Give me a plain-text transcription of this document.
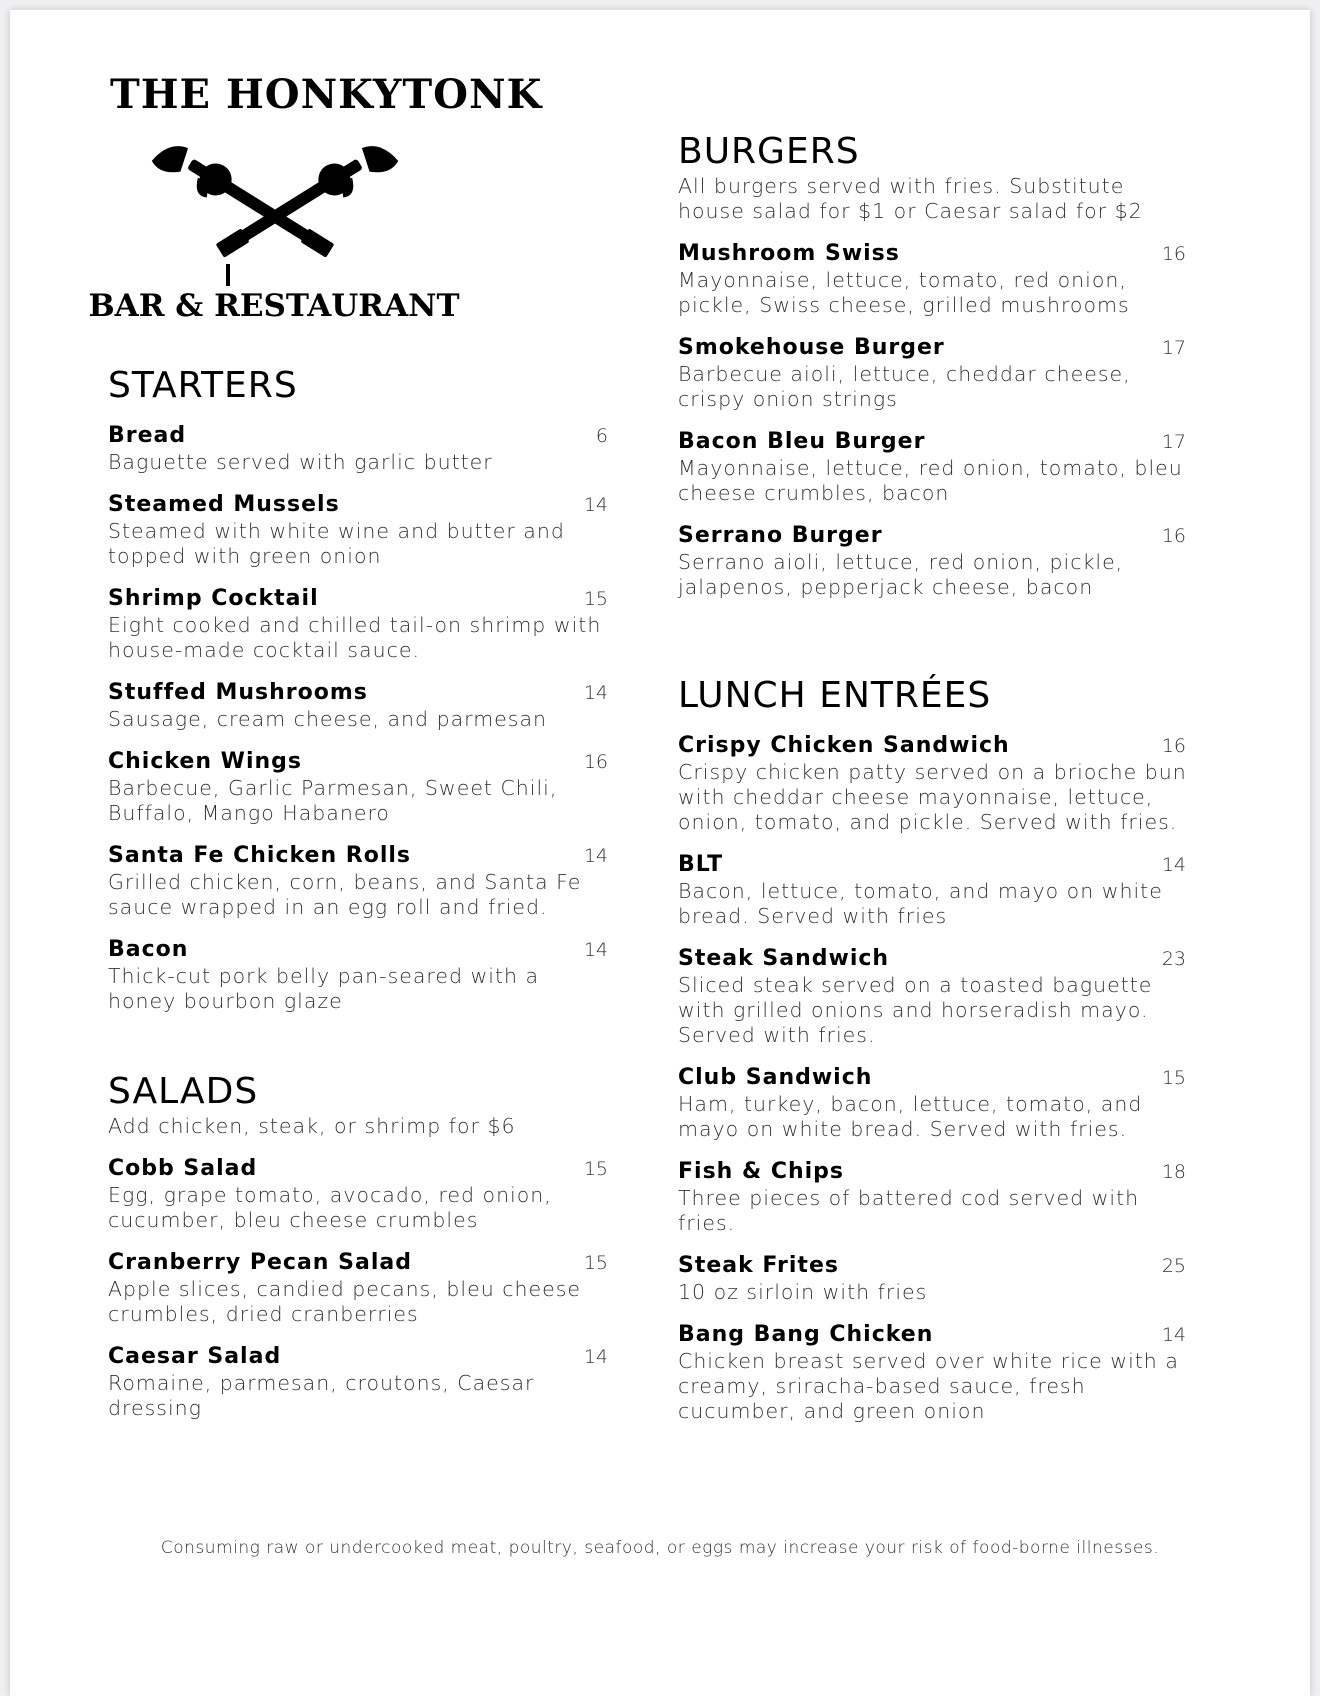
THE HONKYTONK
BAR & RESTAURANT
STARTERS
Bread	6
Baguette served with garlic butter
Steamed Mussels	14
Steamed with white wine and butter and topped with green onion
Shrimp Cocktail	15
Eight cooked and chilled tail-on shrimp with house-made cocktail sauce.
Stuffed Mushrooms	14
Sausage, cream cheese, and parmesan
Chicken Wings	16
Barbecue, Garlic Parmesan, Sweet Chili, Buffalo, Mango Habanero
Santa Fe Chicken Rolls	14
Grilled chicken, corn, beans, and Santa Fe sauce wrapped in an egg roll and fried.
Bacon	14
Thick-cut pork belly pan-seared with a honey bourbon glaze
SALADS
Add chicken, steak, or shrimp for $6
Cobb Salad	15
Egg, grape tomato, avocado, red onion, cucumber, bleu cheese crumbles
Cranberry Pecan Salad	15
Apple slices, candied pecans, bleu cheese crumbles, dried cranberries
Caesar Salad	14
Romaine, parmesan, croutons, Caesar dressing
BURGERS
All burgers served with fries. Substitute house salad for $1 or Caesar salad for $2
Mushroom Swiss	16
Mayonnaise, lettuce, tomato, red onion, pickle, Swiss cheese, grilled mushrooms
Smokehouse Burger	17
Barbecue aioli, lettuce, cheddar cheese, crispy onion strings
Bacon Bleu Burger	17
Mayonnaise, lettuce, red onion, tomato, bleu cheese crumbles, bacon
Serrano Burger	16
Serrano aioli, lettuce, red onion, pickle, jalapenos, pepperjack cheese, bacon
LUNCH ENTRÉES
Crispy Chicken Sandwich	16
Crispy chicken patty served on a brioche bun with cheddar cheese mayonnaise, lettuce, onion, tomato, and pickle. Served with fries.
BLT	14
Bacon, lettuce, tomato, and mayo on white bread. Served with fries
Steak Sandwich	23
Sliced steak served on a toasted baguette with grilled onions and horseradish mayo. Served with fries.
Club Sandwich	15
Ham, turkey, bacon, lettuce, tomato, and mayo on white bread. Served with fries.
Fish & Chips	18
Three pieces of battered cod served with fries.
Steak Frites	25
10 oz sirloin with fries
Bang Bang Chicken	14
Chicken breast served over white rice with a creamy, sriracha-based sauce, fresh cucumber, and green onion
Consuming raw or undercooked meat, poultry, seafood, or eggs may increase your risk of food-borne illnesses.
